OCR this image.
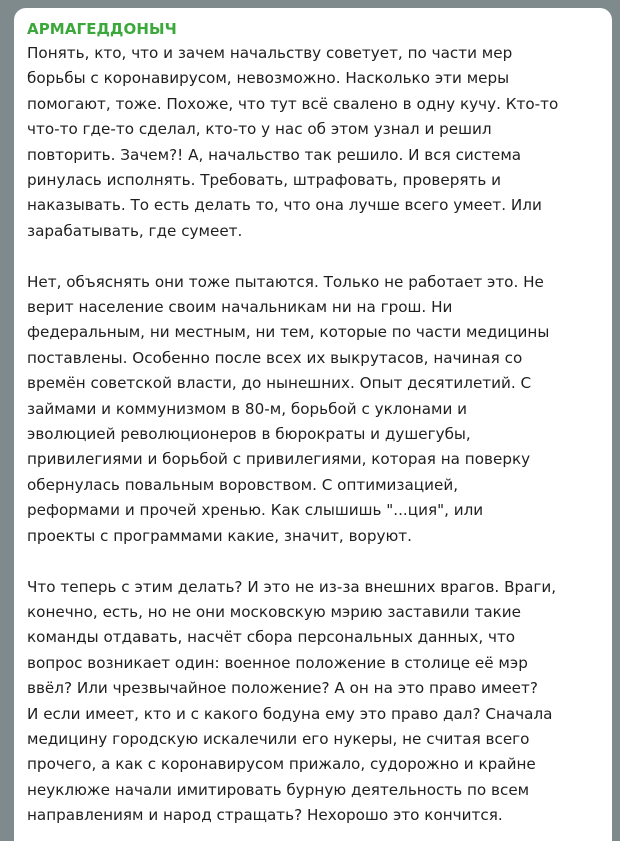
АРМАГЕДДОНЫЧ

Понять, кто, что и зачем начальству советует, по части мер
борьбы с коронавирусом, невозможно. Насколько эти меры
помогают, тоже. Похоже, что тут всё свалено в одну кучу. Кто-то
что-то где-то сделал, кто-то у нас об этом узнал и решил
повторить. Зачем?! А, начальство так решило. И вся система
ринулась исполнять. Требовать, штрафовать, проверять и
наказывать. То есть делать то, что она лучше всего умеет. Или
зарабатывать, где сумеет.

Нет, объяснять они тоже пытаются. Только не работает это. Не
верит население своим начальникам ни на грош. Ни
федеральным, ни местным, ни тем, которые по части медицины
поставлены. Особенно после всех их выкрутасов, начиная со
времён советской власти, до нынешних. Опыт десятилетий. С
займами и коммунизмом в 80-м, борьбой с уклонами и
эволюцией революционеров в бюрократы и душегубы,
привилегиями и борьбой с привилегиями, которая на поверку
обернулась повальным воровством. С оптимизацией,
реформами и прочей хренью. Как слышишь "...ция", или
проекты с программами какие, значит, воруют.

Что теперь с этим делать? И это не из-за внешних врагов. Враги,
конечно, есть, но не они московскую мэрию заставили такие
команды отдавать, насчёт сбора персональных данных, что
вопрос возникает один: военное положение в столице её мэр
ввёл? Или чрезвычайное положение? А он на это право имеет?
И если имеет, кто и с какого бодуна ему это право дал? Сначала
медицину городскую искалечили его нукеры, не считая всего
прочего, а как с коронавирусом прижало, судорожно и крайне
неуклюже начали имитировать бурную деятельность по всем
направлениям и народ стращать? Нехорошо это кончится.
